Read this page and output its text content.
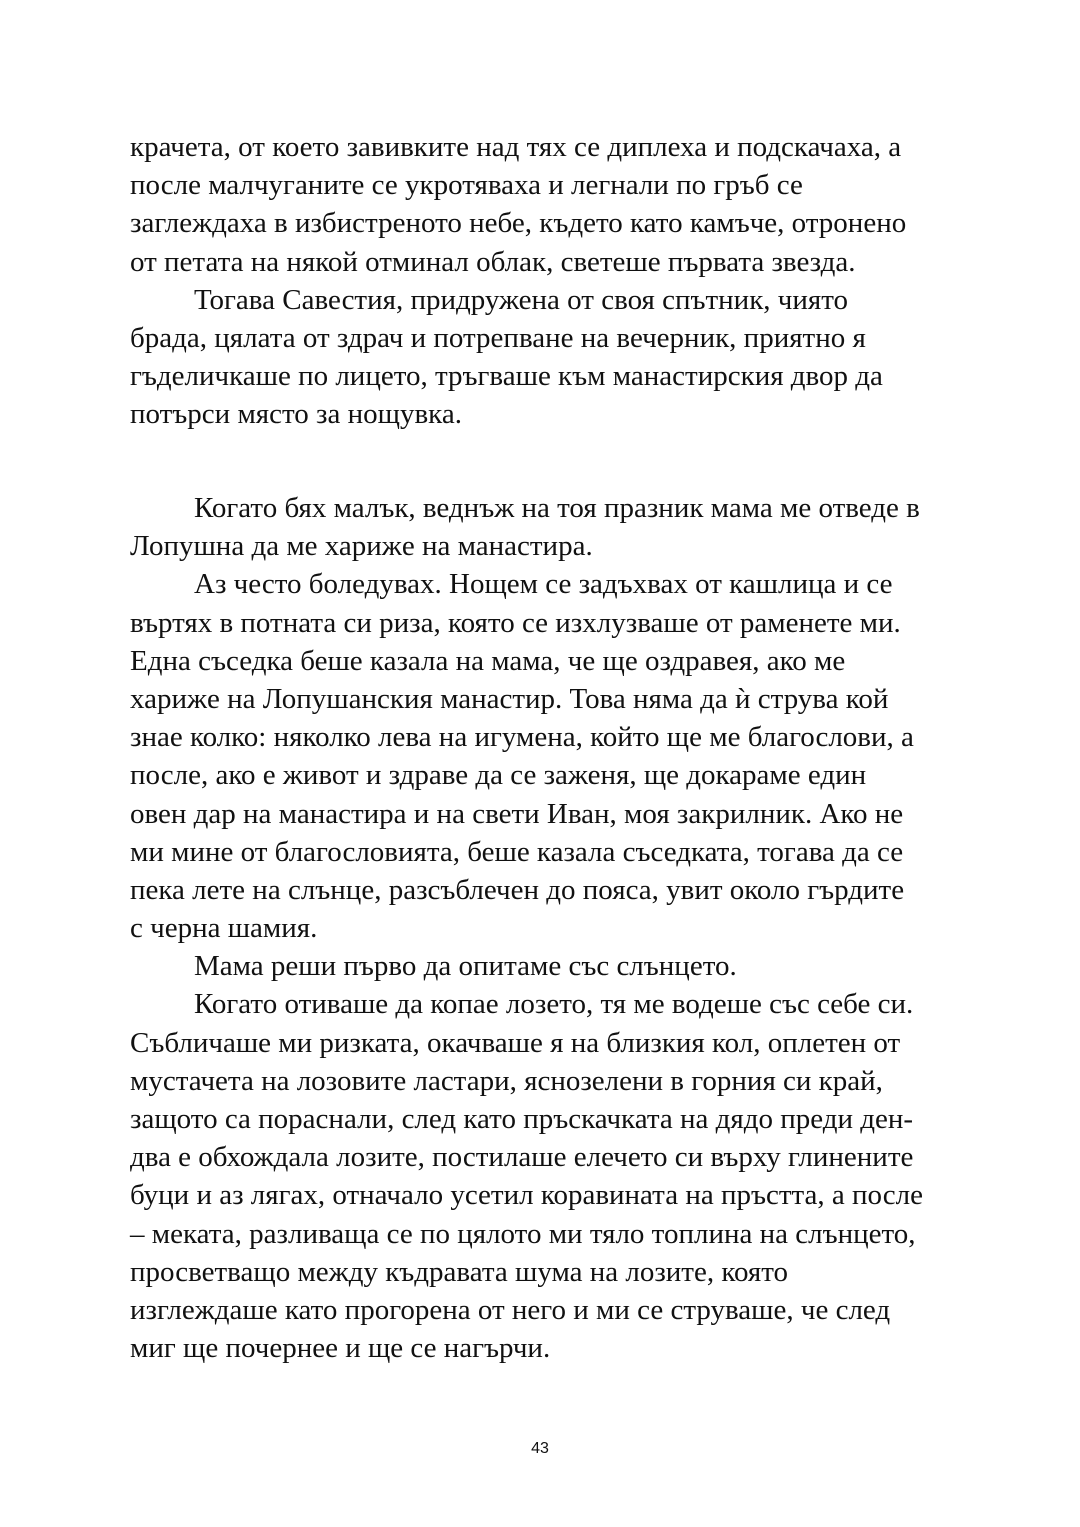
крачета, от което завивките над тях се диплеха и подскачаха, а
после малчуганите се укротяваха и легнали по гръб се
заглеждаха в избистреното небе, където като камъче, отронено
от петата на някой отминал облак, светеше първата звезда.
Тогава Савестия, придружена от своя спътник, чиято
брада, цялата от здрач и потрепване на вечерник, приятно я
гъделичкаше по лицето, тръгваше към манастирския двор да
потърси място за нощувка.
Когато бях малък, веднъж на тоя празник мама ме отведе в
Лопушна да ме харижe на манастира.
Аз често боледувах. Нощем се задъхвах от кашлица и се
въртях в потната си риза, която се изхлузваше от раменете ми.
Една съседка беше казала на мама, че ще оздравея, ако ме
харижe на Лопушанския манастир. Това няма да ѝ струва кой
знае колко: няколко лева на игумена, който ще ме благослови, а
после, ако е живот и здраве да се заженя, ще докараме един
овен дар на манастира и на свети Иван, моя закрилник. Ако не
ми мине от благословията, беше казала съседката, тогава да се
пека лете на слънце, разсъблечен до пояса, увит около гърдите
с черна шамия.
Мама реши първо да опитаме със слънцето.
Когато отиваше да копае лозето, тя ме водеше със себе си.
Събличаше ми ризката, окачваше я на близкия кол, оплетен от
мустачета на лозовите ластари, яснозелени в горния си край,
защото са пораснали, след като пръскачката на дядо преди ден-
два е обхождала лозите, постилаше елечето си върху глинените
буци и аз лягах, отначало усетил коравината на пръстта, а после
– меката, разливаща се по цялото ми тяло топлина на слънцето,
просветващо между къдравата шума на лозите, която
изглеждаше като прогорена от него и ми се струваше, че след
миг ще почернее и ще се нагърчи.
43
